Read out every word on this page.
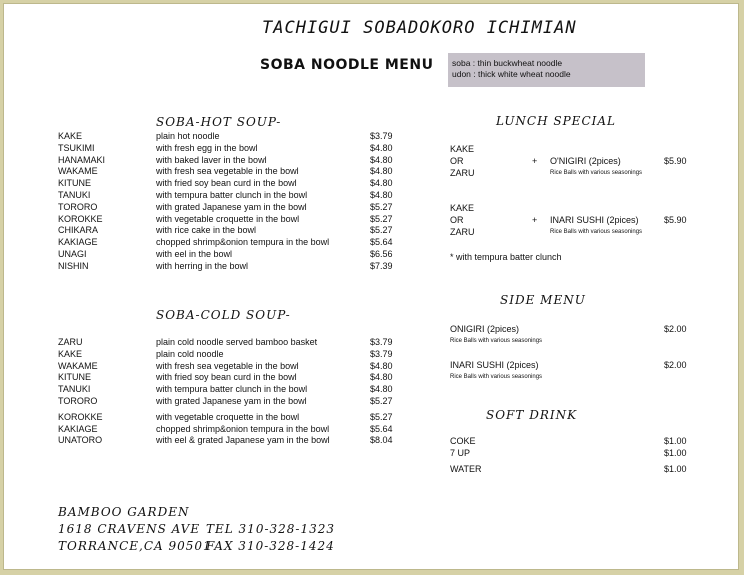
TACHIGUI SOBADOKORO ICHIMIAN
SOBA NOODLE MENU soba : thin buckwheat noodle
udon : thick white wheat noodle
SOBA-HOT SOUP-
KAKE	plain hot noodle	$3.79
TSUKIMI	with fresh egg in the bowl	$4.80
HANAMAKI	with baked laver in the bowl	$4.80
WAKAME	with fresh sea vegetable in the bowl	$4.80
KITUNE	with fried soy bean curd in the bowl	$4.80
TANUKI	with tempura batter clunch in the bowl	$4.80
TORORO	with grated Japanese yam in the bowl	$5.27
KOROKKE	with vegetable croquette in the bowl	$5.27
CHIKARA	with rice cake in the bowl	$5.27
KAKIAGE	chopped shrimp&onion tempura in the bowl	$5.64
UNAGI	with eel in the bowl	$6.56
NISHIN	with herring in the bowl	$7.39
SOBA-COLD SOUP-
ZARU	plain cold noodle served bamboo basket	$3.79
KAKE	plain cold noodle	$3.79
WAKAME	with fresh sea vegetable in the bowl	$4.80
KITUNE	with fried soy bean curd in the bowl	$4.80
TANUKI	with tempura batter clunch in the bowl	$4.80
TORORO	with grated Japanese yam in the bowl	$5.27
KOROKKE	with vegetable croquette in the bowl	$5.27
KAKIAGE	chopped shrimp&onion tempura in the bowl	$5.64
UNATORO	with eel & grated Japanese yam in the bowl	$8.04
LUNCH SPECIAL
KAKE
OR	+ O'NIGIRI (2pices)	$5.90
ZARU	Rice Balls with various seasonings
KAKE
OR	+ INARI SUSHI (2pices)	$5.90
ZARU	Rice Balls with various seasonings
* with tempura batter clunch
SIDE MENU
ONIGIRI (2pices)	$2.00
Rice Balls with various seasonings
INARI SUSHI (2pices)	$2.00
Rice Balls with various seasonings
SOFT DRINK
COKE	$1.00
7 UP	$1.00
WATER	$1.00
BAMBOO GARDEN
1618 CRAVENS AVE
TORRANCE,CA 90501
TEL 310-328-1323
FAX 310-328-1424
